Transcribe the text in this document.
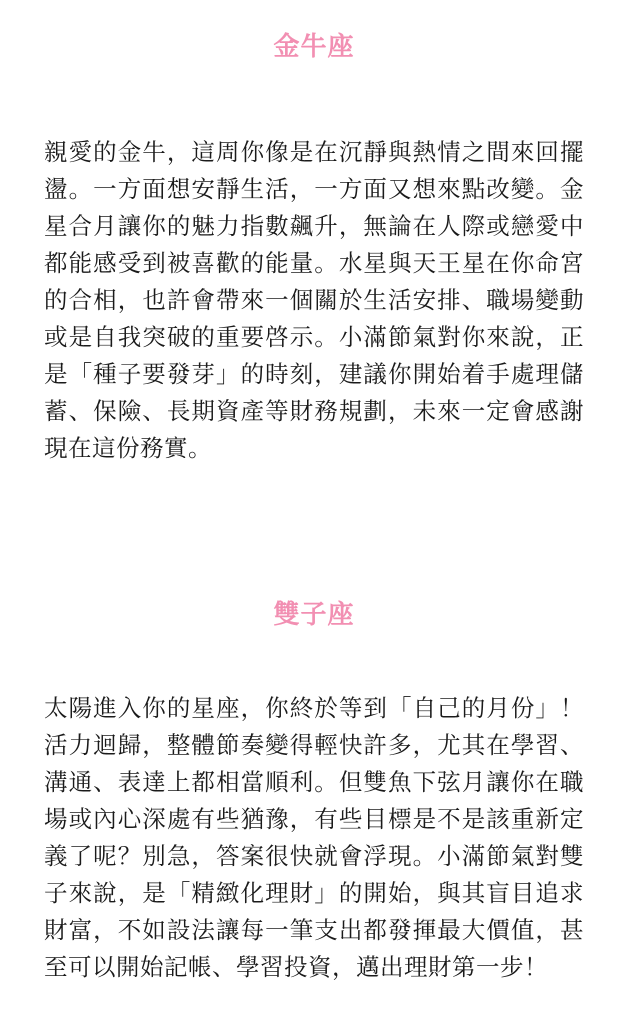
金牛座

親愛的金牛，這周你像是在沉靜與熱情之間來回擺盪。一方面想安靜生活，一方面又想來點改變。金星合月讓你的魅力指數飆升，無論在人際或戀愛中都能感受到被喜歡的能量。水星與天王星在你命宮的合相，也許會帶來一個關於生活安排、職場變動或是自我突破的重要啓示。小滿節氣對你來說，正是「種子要發芽」的時刻，建議你開始着手處理儲蓄、保險、長期資產等財務規劃，未來一定會感謝現在這份務實。

雙子座

太陽進入你的星座，你終於等到「自己的月份」！活力迴歸，整體節奏變得輕快許多，尤其在學習、溝通、表達上都相當順利。但雙魚下弦月讓你在職場或內心深處有些猶豫，有些目標是不是該重新定義了呢？別急，答案很快就會浮現。小滿節氣對雙子來說，是「精緻化理財」的開始，與其盲目追求財富，不如設法讓每一筆支出都發揮最大價值，甚至可以開始記帳、學習投資，邁出理財第一步！
